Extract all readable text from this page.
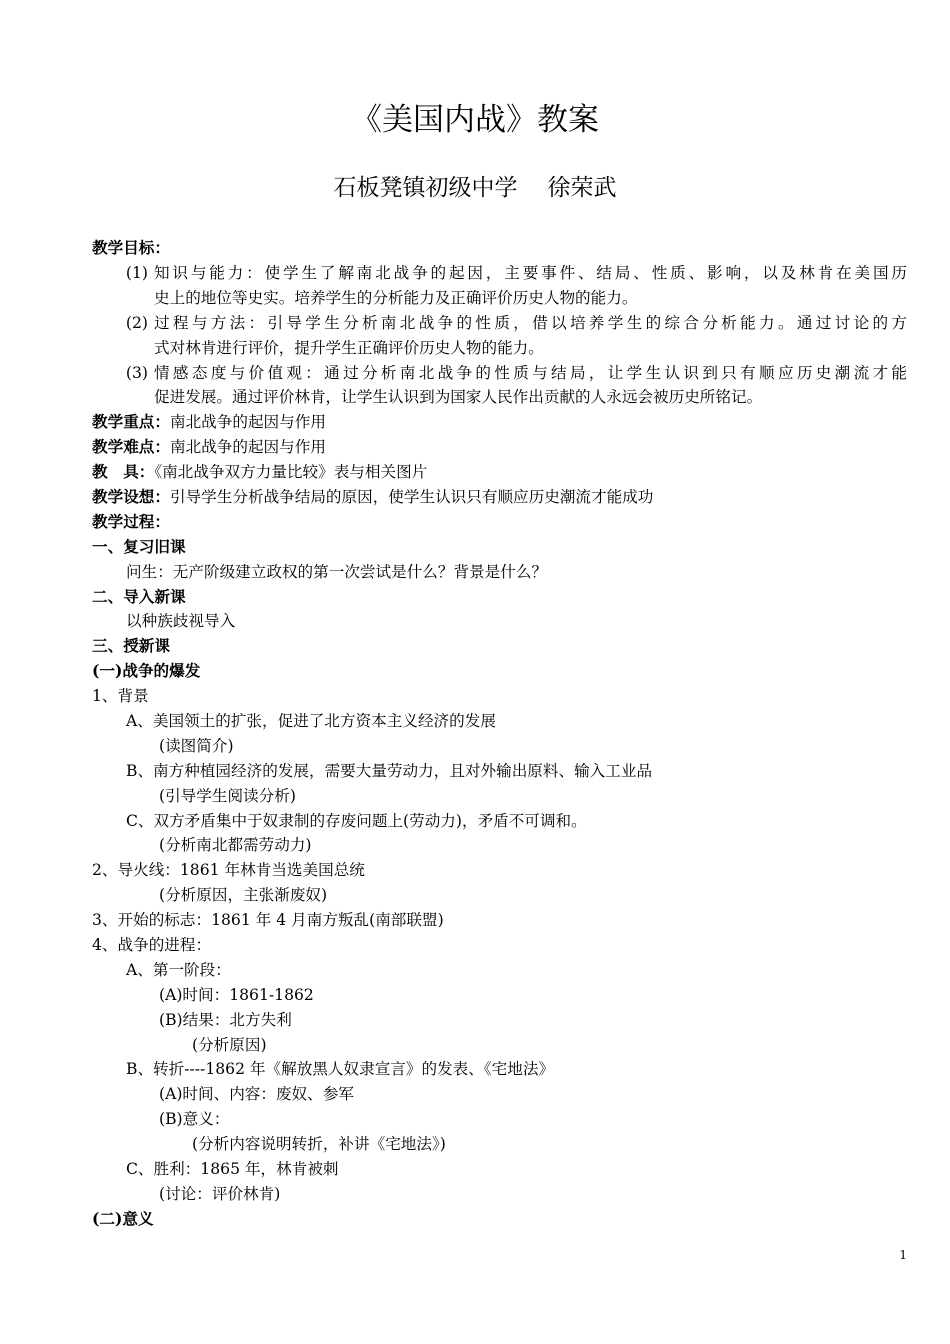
《美国内战》教案
石板凳镇初级中学 徐荣武
教学目标：
(1) 知识与能力：使学生了解南北战争的起因，主要事件、结局、性质、影响，以及林肯在美国历
史上的地位等史实。培养学生的分析能力及正确评价历史人物的能力。
(2) 过程与方法：引导学生分析南北战争的性质，借以培养学生的综合分析能力。通过讨论的方
式对林肯进行评价，提升学生正确评价历史人物的能力。
(3) 情感态度与价值观：通过分析南北战争的性质与结局，让学生认识到只有顺应历史潮流才能
促进发展。通过评价林肯，让学生认识到为国家人民作出贡献的人永远会被历史所铭记。
教学重点：南北战争的起因与作用
教学难点：南北战争的起因与作用
教　具：《南北战争双方力量比较》表与相关图片
教学设想：引导学生分析战争结局的原因，使学生认识只有顺应历史潮流才能成功
教学过程：
一、复习旧课
问生：无产阶级建立政权的第一次尝试是什么？背景是什么？
二、导入新课
以种族歧视导入
三、授新课
(一)战争的爆发
1、背景
A、美国领土的扩张，促进了北方资本主义经济的发展
(读图简介)
B、南方种植园经济的发展，需要大量劳动力，且对外输出原料、输入工业品
(引导学生阅读分析)
C、双方矛盾集中于奴隶制的存废问题上(劳动力)，矛盾不可调和。
(分析南北都需劳动力)
2、导火线：1861 年林肯当选美国总统
(分析原因，主张渐废奴)
3、开始的标志：1861 年 4 月南方叛乱(南部联盟)
4、战争的进程：
A、第一阶段：
(A)时间：1861-1862
(B)结果：北方失利
(分析原因)
B、转折----1862 年《解放黑人奴隶宣言》的发表、《宅地法》
(A)时间、内容：废奴、参军
(B)意义：
(分析内容说明转折，补讲《宅地法》)
C、胜利：1865 年，林肯被刺
(讨论：评价林肯)
(二)意义
1
